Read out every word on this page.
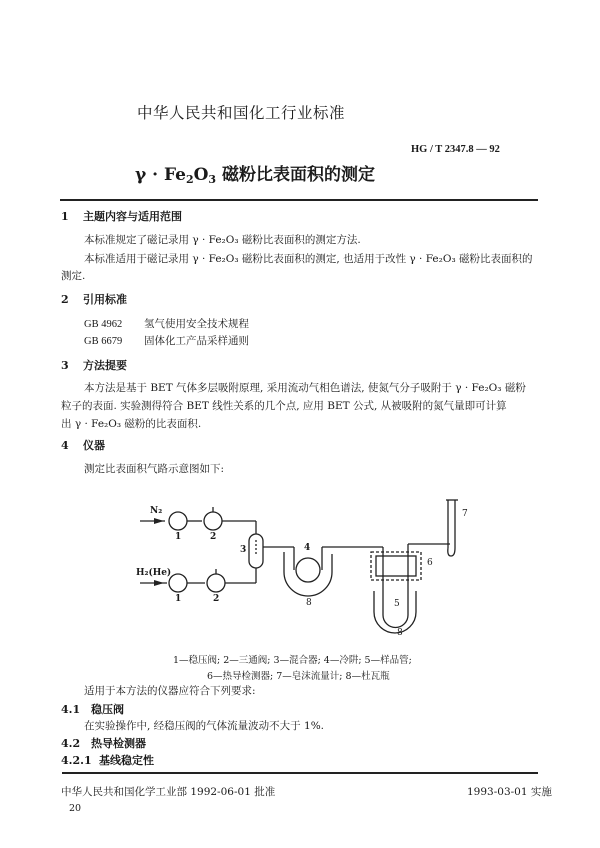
中华人民共和国化工行业标准
HG / T 2347.8 — 92
$\gamma \cdot Fe_2O_3$ 磁粉比表面积的测定
1 主题内容与适用范围
本标准规定了磁记录用 γ · Fe₂O₃ 磁粉比表面积的测定方法.
本标准适用于磁记录用 γ · Fe₂O₃ 磁粉比表面积的测定, 也适用于改性 γ · Fe₂O₃ 磁粉比表面积的
测定.
2 引用标准
GB 4962 氢气使用安全技术规程
GB 6679 固体化工产品采样通则
3 方法提要
本方法是基于 BET 气体多层吸附原理, 采用流动气相色谱法, 使氮气分子吸附于 γ · Fe₂O₃ 磁粉
粒子的表面. 实验测得符合 BET 线性关系的几个点, 应用 BET 公式, 从被吸附的氮气量即可计算
出 γ · Fe₂O₃ 磁粉的比表面积.
4 仪器
测定比表面积气路示意图如下:
N₂
H₂(He)
1	2
1	2
3	4
5
6
7
8
8
1—稳压阀; 2—三通阀; 3—混合器; 4—冷阱; 5—样品管;
6—热导检测器; 7—皂沫流量计; 8—杜瓦瓶
适用于本方法的仪器应符合下列要求:
4.1 稳压阀
在实验操作中, 经稳压阀的气体流量波动不大于 1%.
4.2 热导检测器
4.2.1 基线稳定性
中华人民共和国化学工业部 1992-06-01 批准	1993-03-01 实施
20
